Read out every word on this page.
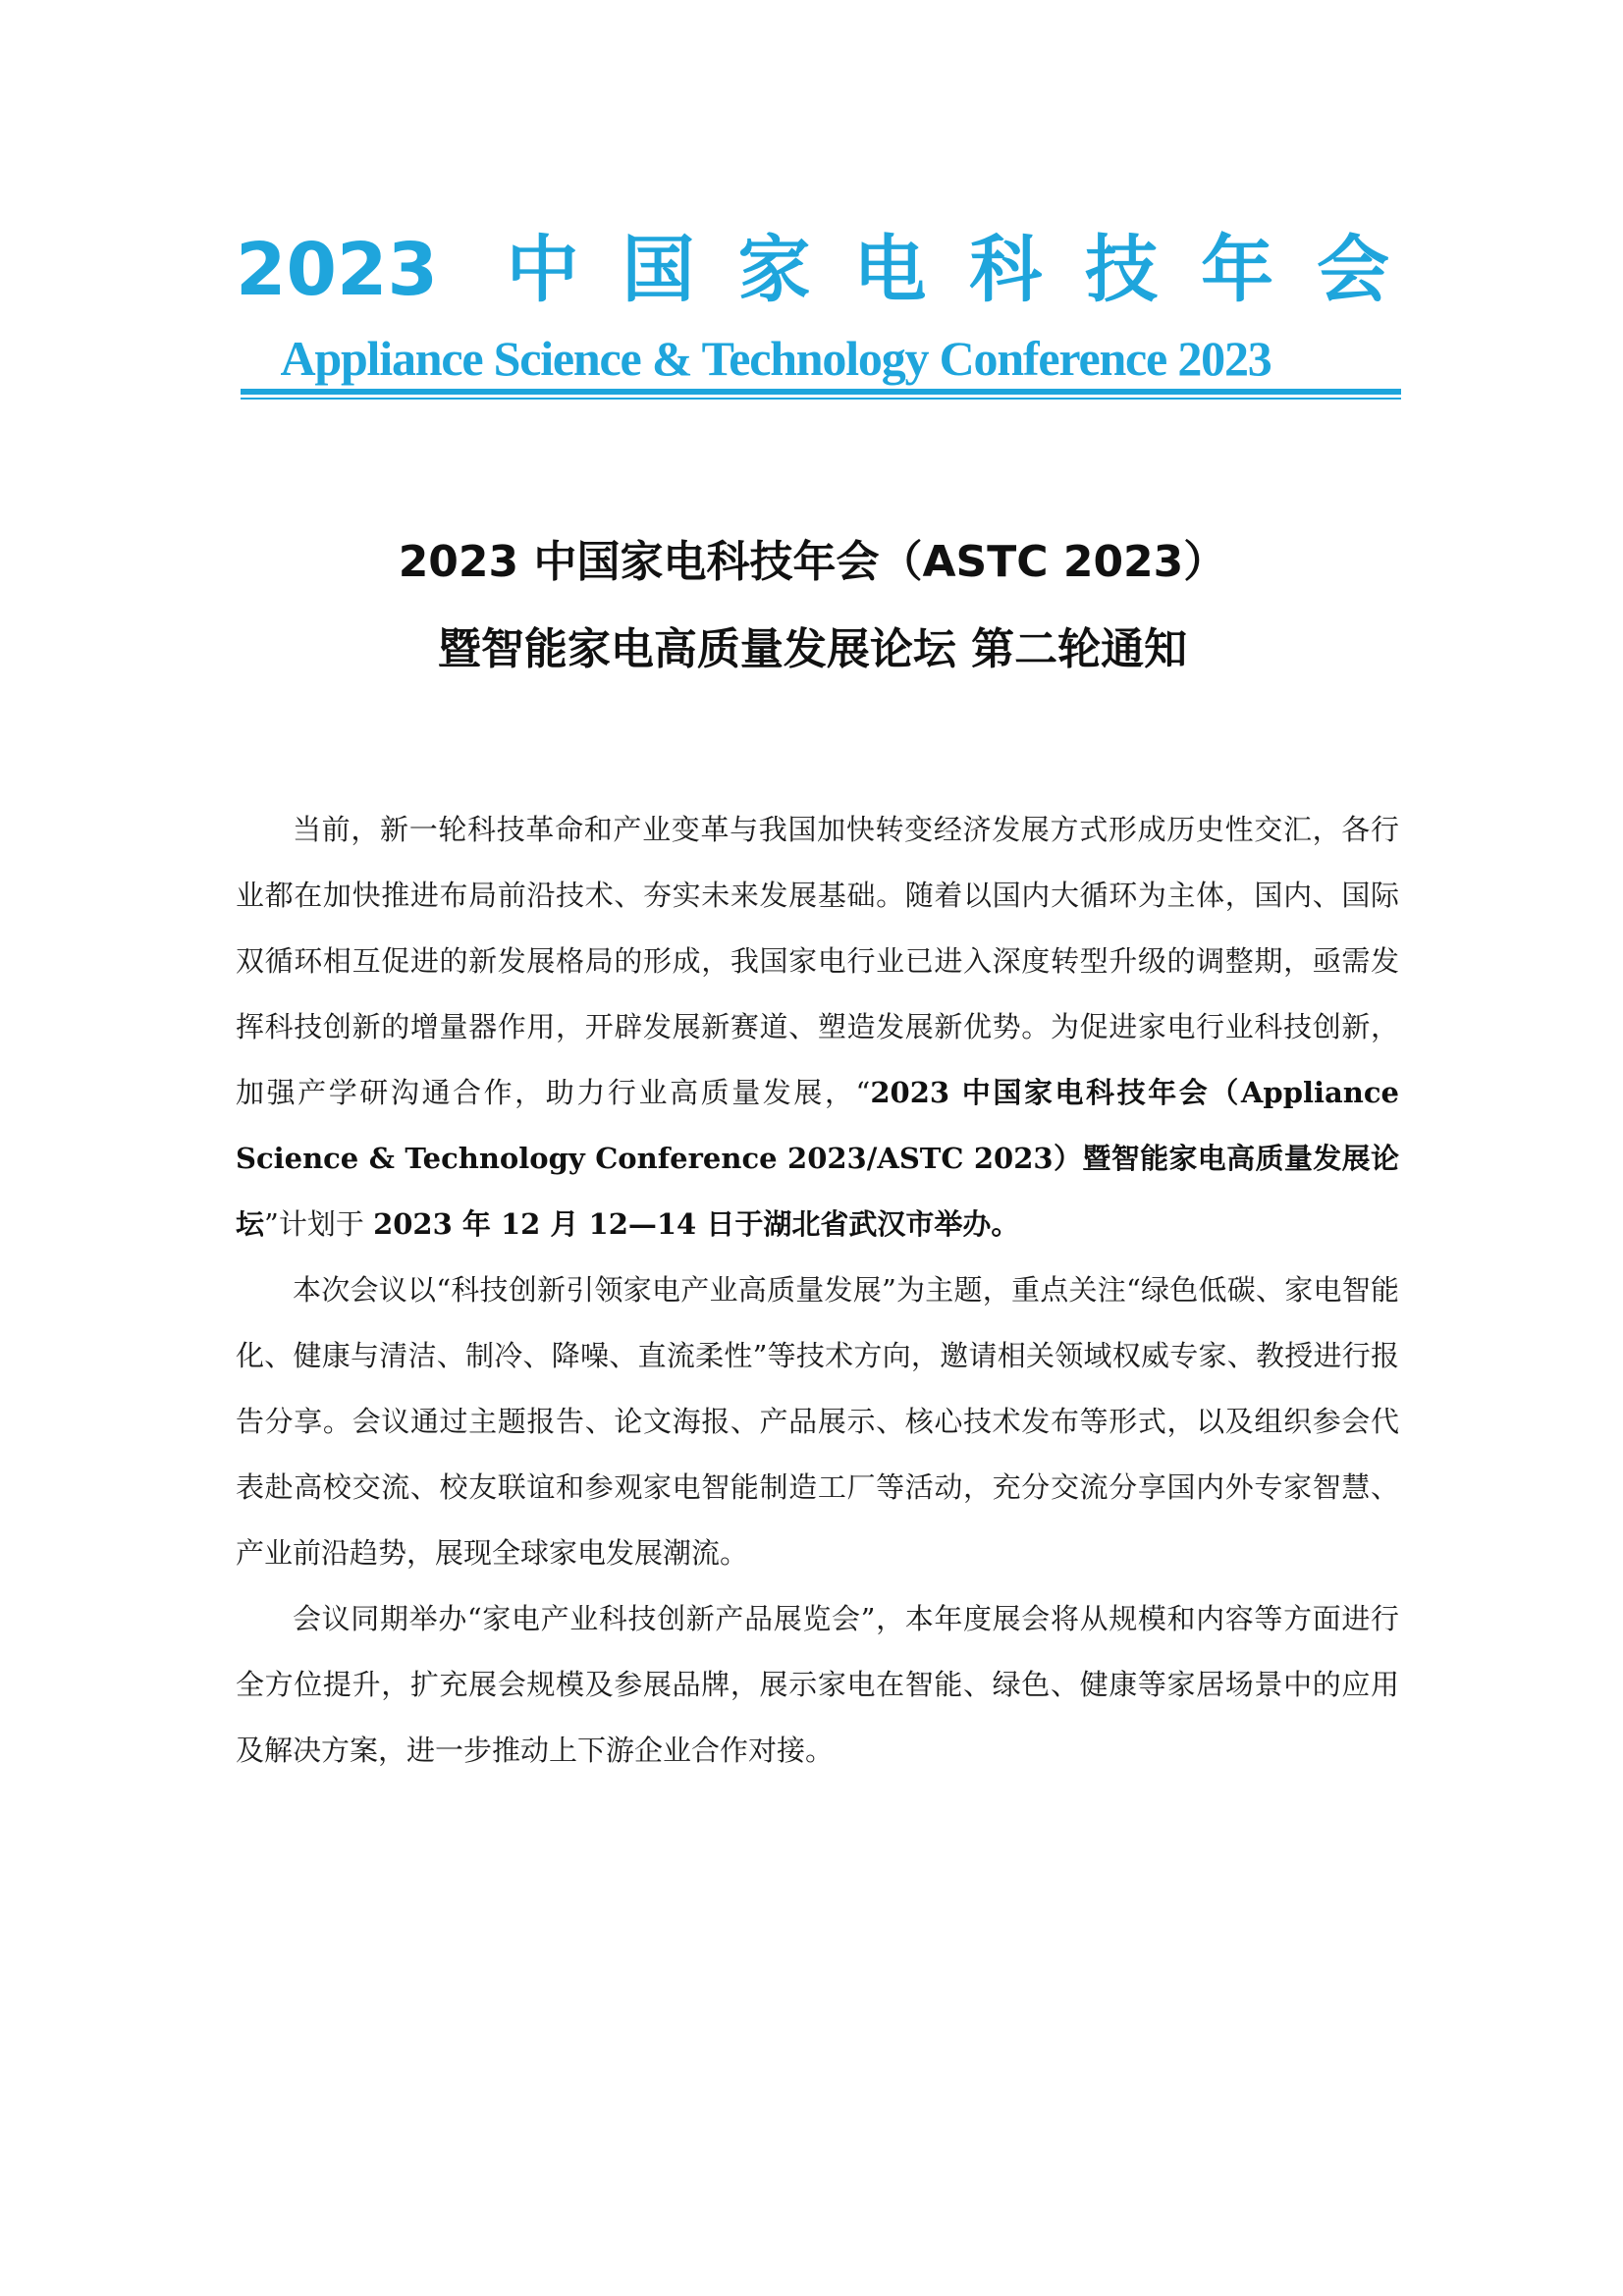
2023 中国家电科技年会
Appliance Science & Technology Conference 2023
2023 中国家电科技年会（ASTC 2023）
暨智能家电高质量发展论坛 第二轮通知

当前，新一轮科技革命和产业变革与我国加快转变经济发展方式形成历史性交汇，各行业都在加快推进布局前沿技术、夯实未来发展基础。随着以国内大循环为主体，国内、国际双循环相互促进的新发展格局的形成，我国家电行业已进入深度转型升级的调整期，亟需发挥科技创新的增量器作用，开辟发展新赛道、塑造发展新优势。为促进家电行业科技创新，加强产学研沟通合作，助力行业高质量发展，“2023 中国家电科技年会（Appliance Science & Technology Conference 2023/ASTC 2023）暨智能家电高质量发展论坛”计划于 2023 年 12 月 12—14 日于湖北省武汉市举办。

本次会议以“科技创新引领家电产业高质量发展”为主题，重点关注“绿色低碳、家电智能化、健康与清洁、制冷、降噪、直流柔性”等技术方向，邀请相关领域权威专家、教授进行报告分享。会议通过主题报告、论文海报、产品展示、核心技术发布等形式，以及组织参会代表赴高校交流、校友联谊和参观家电智能制造工厂等活动，充分交流分享国内外专家智慧、产业前沿趋势，展现全球家电发展潮流。

会议同期举办“家电产业科技创新产品展览会”，本年度展会将从规模和内容等方面进行全方位提升，扩充展会规模及参展品牌，展示家电在智能、绿色、健康等家居场景中的应用及解决方案，进一步推动上下游企业合作对接。
